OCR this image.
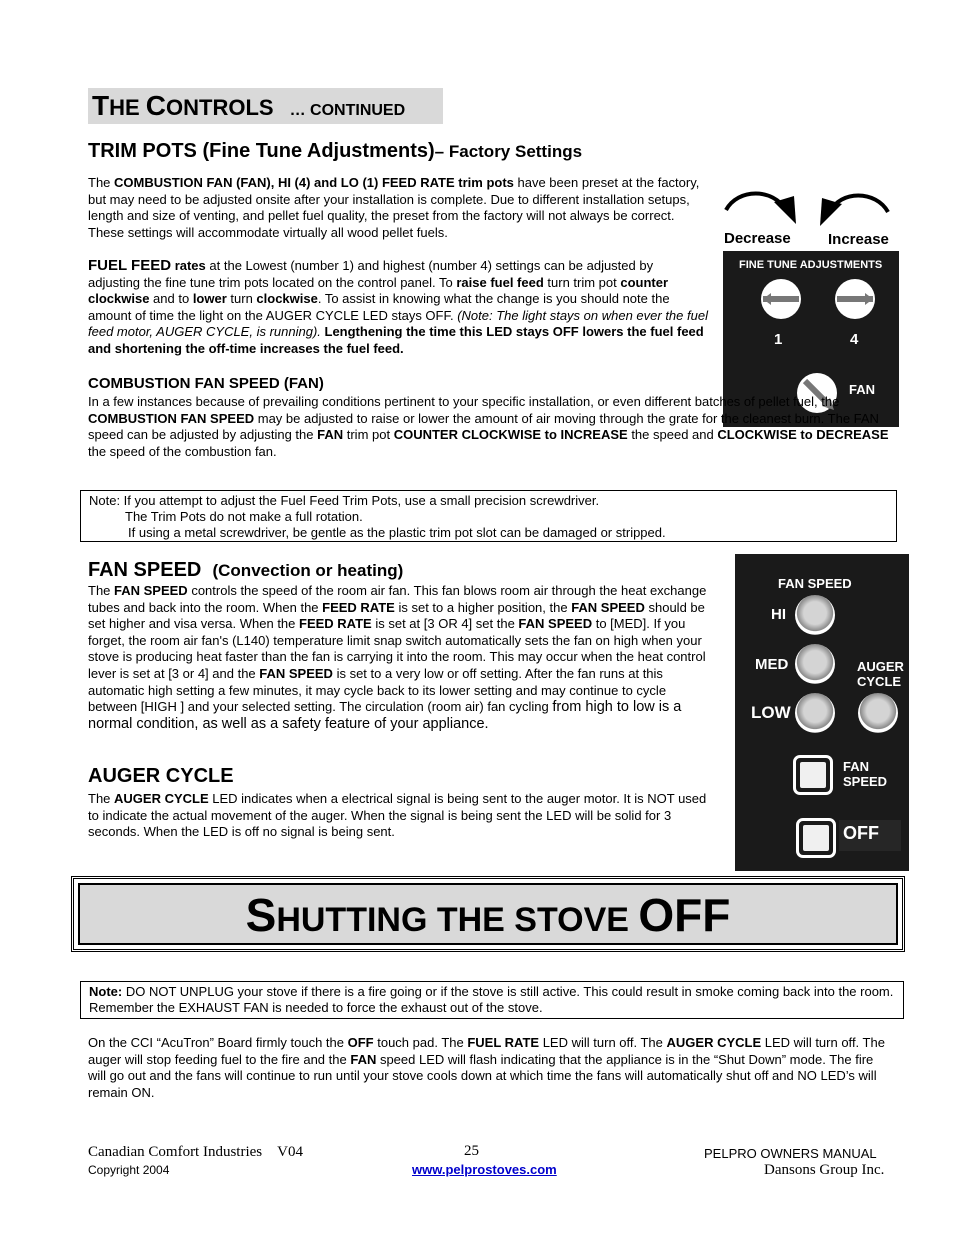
THE CONTROLS … CONTINUED
TRIM POTS (Fine Tune Adjustments)– Factory Settings

The COMBUSTION FAN (FAN), HI (4) and LO (1) FEED RATE trim pots have been preset at the factory, but may need to be adjusted onsite after your installation is complete. Due to different installation setups, length and size of venting, and pellet fuel quality, the preset from the factory will not always be correct. These settings will accommodate virtually all wood pellet fuels.

FUEL FEED rates at the Lowest (number 1) and highest (number 4) settings can be adjusted by adjusting the fine tune trim pots located on the control panel. To raise fuel feed turn trim pot counter clockwise and to lower turn clockwise. To assist in knowing what the change is you should note the amount of time the light on the AUGER CYCLE LED stays OFF. (Note: The light stays on when ever the fuel feed motor, AUGER CYCLE, is running). Lengthening the time this LED stays OFF lowers the fuel feed and shortening the off-time increases the fuel feed.

Decrease Increase
FINE TUNE ADJUSTMENTS
1	4
FAN
COMBUSTION FAN SPEED (FAN)

In a few instances because of prevailing conditions pertinent to your specific installation, or even different batches of pellet fuel, the COMBUSTION FAN SPEED may be adjusted to raise or lower the amount of air moving through the grate for the cleanest burn. The FAN speed can be adjusted by adjusting the FAN trim pot COUNTER CLOCKWISE to INCREASE the speed and CLOCKWISE to DECREASE the speed of the combustion fan.

Note: If you attempt to adjust the Fuel Feed Trim Pots, use a small precision screwdriver.
The Trim Pots do not make a full rotation.
If using a metal screwdriver, be gentle as the plastic trim pot slot can be damaged or stripped.
FAN SPEED (Convection or heating)

The FAN SPEED controls the speed of the room air fan. This fan blows room air through the heat exchange tubes and back into the room. When the FEED RATE is set to a higher position, the FAN SPEED should be set higher and visa versa. When the FEED RATE is set at [3 OR 4] set the FAN SPEED to [MED]. If you forget, the room air fan's (L140) temperature limit snap switch automatically sets the fan on high when your stove is producing heat faster than the fan is carrying it into the room. This may occur when the heat control lever is set at [3 or 4] and the FAN SPEED is set to a very low or off setting. After the fan runs at this automatic high setting a few minutes, it may cycle back to its lower setting and may continue to cycle between [HIGH ] and your selected setting. The circulation (room air) fan cycling from high to low is a normal condition, as well as a safety feature of your appliance.

AUGER CYCLE

The AUGER CYCLE LED indicates when a electrical signal is being sent to the auger motor. It is NOT used to indicate the actual movement of the auger. When the signal is being sent the LED will be solid for 3 seconds. When the LED is off no signal is being sent.

FAN SPEED
HI
MED	AUGER
CYCLE
LOW
FAN
SPEED
OFF
SHUTTING THE STOVE OFF
Note: DO NOT UNPLUG your stove if there is a fire going or if the stove is still active. This could result in smoke coming back into the room. Remember the EXHAUST FAN is needed to force the exhaust out of the stove.

On the CCI “AcuTron” Board firmly touch the OFF touch pad. The FUEL RATE LED will turn off. The AUGER CYCLE LED will turn off. The auger will stop feeding fuel to the fire and the FAN speed LED will flash indicating that the appliance is in the “Shut Down” mode. The fire will go out and the fans will continue to run until your stove cools down at which time the fans will automatically shut off and NO LED’s will remain ON.

Canadian Comfort Industries V04
Copyright 2004
25
www.pelprostoves.com
PELPRO OWNERS MANUAL
Dansons Group Inc.
